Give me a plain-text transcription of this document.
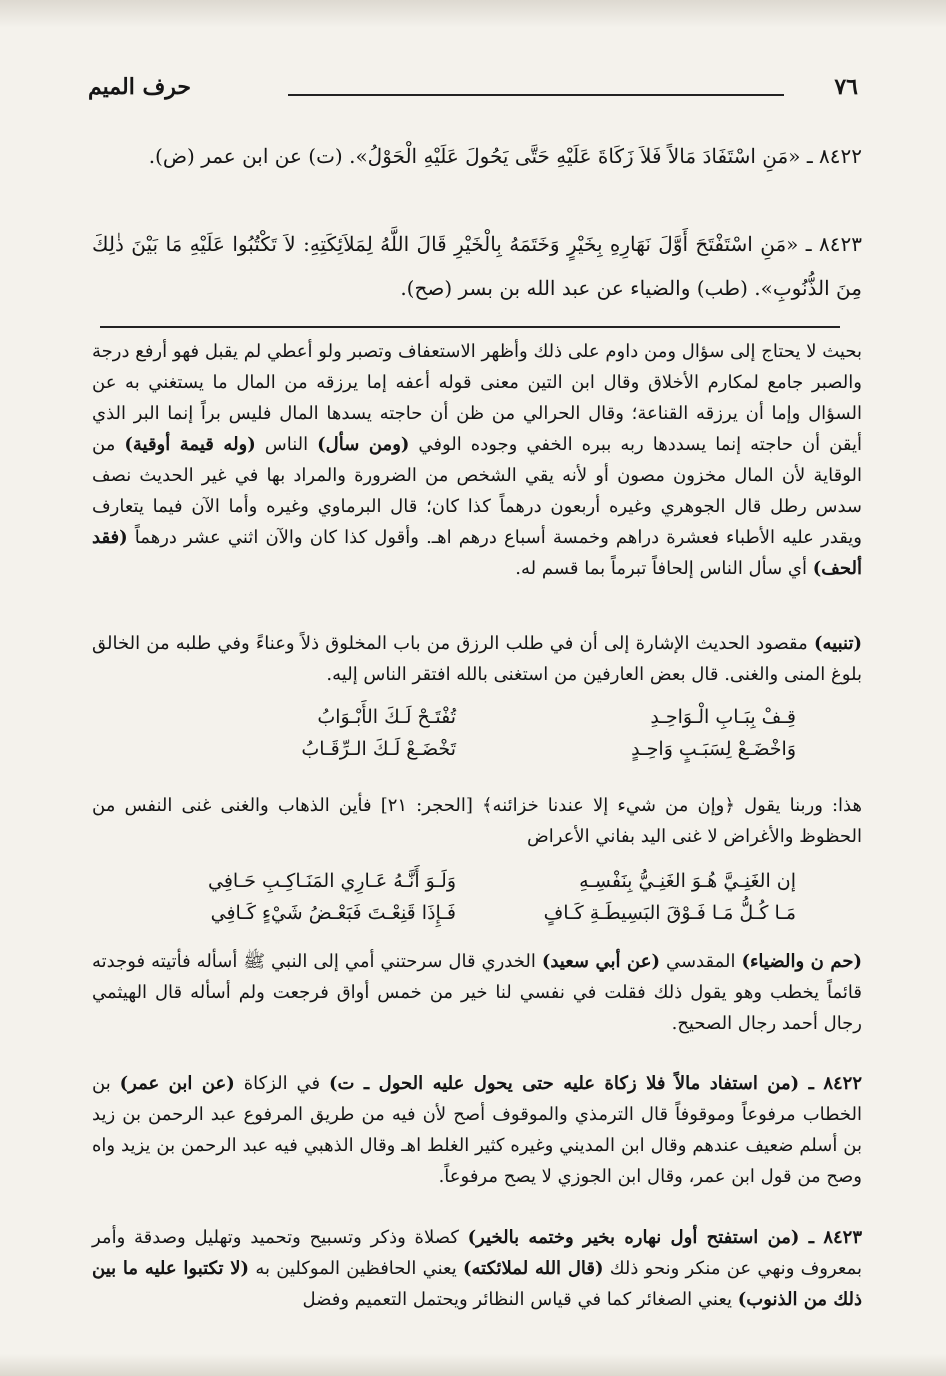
٧٦
حرف الميم
٨٤٢٢ ـ «مَنِ اسْتَفَادَ مَالاً فَلاَ زَكَاةَ عَلَيْهِ حَتَّى يَحُولَ عَلَيْهِ الْحَوْلُ». (ت) عن ابن عمر (ض).
٨٤٢٣ ـ «مَنِ اسْتَفْتَحَ أَوَّلَ نَهَارِهِ بِخَيْرٍ وَخَتَمَهُ بِالْخَيْرِ قَالَ اللَّهُ لِمَلاَئِكَتِهِ: لاَ تَكْتُبُوا عَلَيْهِ مَا بَيْنَ ذٰلِكَ مِنَ الذُّنُوبِ». (طب) والضياء عن عبد الله بن بسر (صح).
بحيث لا يحتاج إلى سؤال ومن داوم على ذلك وأظهر الاستعفاف وتصبر ولو أعطي لم يقبل فهو أرفع درجة والصبر جامع لمكارم الأخلاق وقال ابن التين معنى قوله أعفه إما يرزقه من المال ما يستغني به عن السؤال وإما أن يرزقه القناعة؛ وقال الحرالي من ظن أن حاجته يسدها المال فليس براً إنما البر الذي أيقن أن حاجته إنما يسددها ربه ببره الخفي وجوده الوفي (ومن سأل) الناس (وله قيمة أوقية) من الوقاية لأن المال مخزون مصون أو لأنه يقي الشخص من الضرورة والمراد بها في غير الحديث نصف سدس رطل قال الجوهري وغيره أربعون درهماً كذا كان؛ قال البرماوي وغيره وأما الآن فيما يتعارف ويقدر عليه الأطباء فعشرة دراهم وخمسة أسباع درهم اهـ. وأقول كذا كان والآن اثني عشر درهماً (فقد ألحف) أي سأل الناس إلحافاً تبرماً بما قسم له.
(تنبيه) مقصود الحديث الإشارة إلى أن في طلب الرزق من باب المخلوق ذلاً وعناءً وفي طلبه من الخالق بلوغ المنى والغنى. قال بعض العارفين من استغنى بالله افتقر الناس إليه.
قِـفْ بِبَـابِ الْـوَاحِـدِ
تُفْتَـحْ لَـكَ الأَبْـوَابُ
وَاخْضَـعْ لِسَبَـبٍ وَاحِـدٍ
تَخْضَـعْ لَـكَ الـرِّقَـابُ
هذا: وربنا يقول ﴿وإن من شيء إلا عندنا خزائنه﴾ [الحجر: ٢١] فأين الذهاب والغنى غنى النفس من الحظوظ والأغراض لا غنى اليد بفاني الأعراض
إن الغَنِـيَّ هُـوَ الغَنِـيُّ بِنَفْسِـهِ
وَلَـوَ أَنَّـهُ عَـارِي المَنَـاكِـبِ حَـافِي
مَـا كُـلُّ مَـا فَـوْقَ البَسِيطَـةِ كَـافٍ
فَـإِذَا قَنِعْـتَ فَبَعْـضُ شَيْءٍ كَـافِي
(حم ن والضياء) المقدسي (عن أبي سعيد) الخدري قال سرحتني أمي إلى النبي ﷺ أسأله فأتيته فوجدته قائماً يخطب وهو يقول ذلك فقلت في نفسي لنا خير من خمس أواق فرجعت ولم أسأله قال الهيثمي رجال أحمد رجال الصحيح.
٨٤٢٢ ـ (من استفاد مالاً فلا زكاة عليه حتى يحول عليه الحول ـ ت) في الزكاة (عن ابن عمر) بن الخطاب مرفوعاً وموقوفاً قال الترمذي والموقوف أصح لأن فيه من طريق المرفوع عبد الرحمن بن زيد بن أسلم ضعيف عندهم وقال ابن المديني وغيره كثير الغلط اهـ وقال الذهبي فيه عبد الرحمن بن يزيد واه وصح من قول ابن عمر، وقال ابن الجوزي لا يصح مرفوعاً.
٨٤٢٣ ـ (من استفتح أول نهاره بخير وختمه بالخير) كصلاة وذكر وتسبيح وتحميد وتهليل وصدقة وأمر بمعروف ونهي عن منكر ونحو ذلك (قال الله لملائكته) يعني الحافظين الموكلين به (لا تكتبوا عليه ما بين ذلك من الذنوب) يعني الصغائر كما في قياس النظائر ويحتمل التعميم وفضل
